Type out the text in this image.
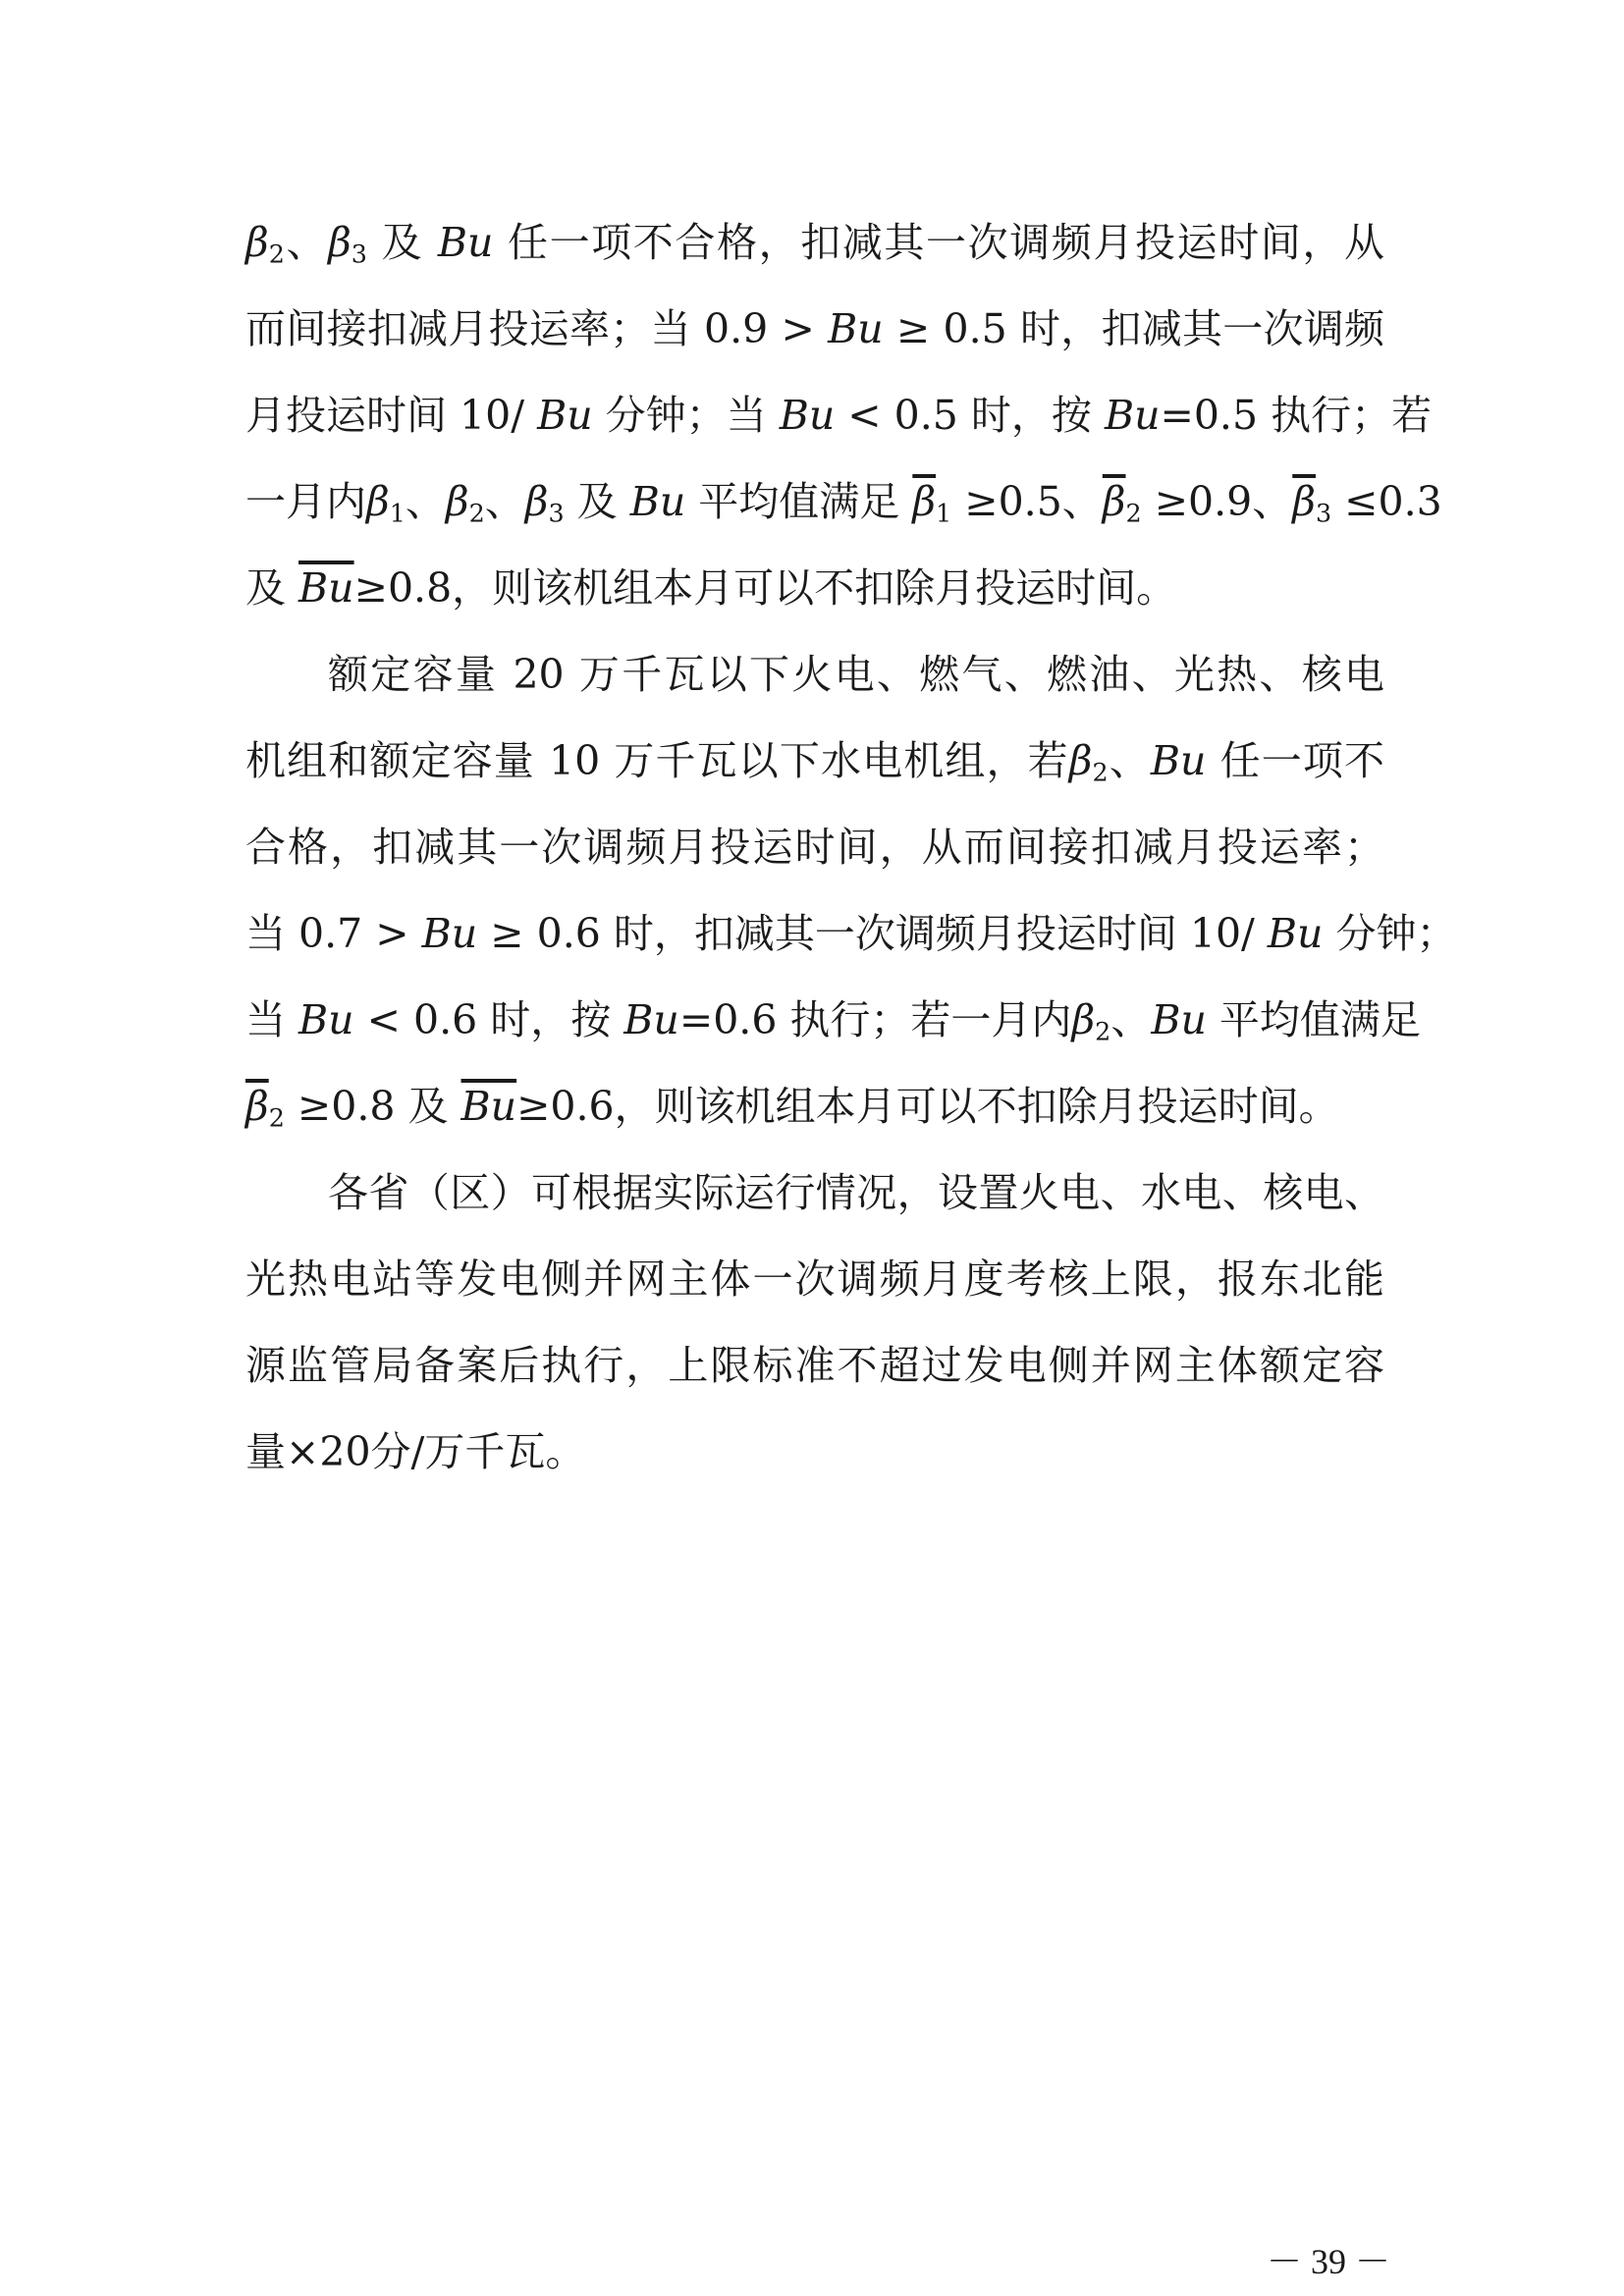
$\beta_2$、$\beta_3$ 及 Bu 任一项不合格，扣减其一次调频月投运时间，从
而间接扣减月投运率；当 0.9 > Bu ≥ 0.5 时，扣减其一次调频
月投运时间 10/ Bu 分钟；当 Bu < 0.5 时，按 Bu=0.5 执行；若
一月内$\beta_1$、$\beta_2$、$\beta_3$ 及 Bu 平均值满足 $\overline{\beta}_1 \ge 0.5$、$\overline{\beta}_2 \ge 0.9$、$\overline{\beta}_3 \le 0.3$
及 $\overline{Bu}\ge 0.8$，则该机组本月可以不扣除月投运时间。
额定容量 20 万千瓦以下火电、燃气、燃油、光热、核电
机组和额定容量 10 万千瓦以下水电机组，若$\beta_2$、Bu 任一项不
合格，扣减其一次调频月投运时间，从而间接扣减月投运率；
当 0.7 > Bu ≥ 0.6 时，扣减其一次调频月投运时间 10/ Bu 分钟；
当 Bu < 0.6 时，按 Bu=0.6 执行；若一月内$\beta_2$、Bu 平均值满足
$\overline{\beta}_2 \ge 0.8$ 及 $\overline{Bu}\ge 0.6$，则该机组本月可以不扣除月投运时间。
各省（区）可根据实际运行情况，设置火电、水电、核电、
光热电站等发电侧并网主体一次调频月度考核上限，报东北能
源监管局备案后执行，上限标准不超过发电侧并网主体额定容
量×20分/万千瓦。
－ 39 －
